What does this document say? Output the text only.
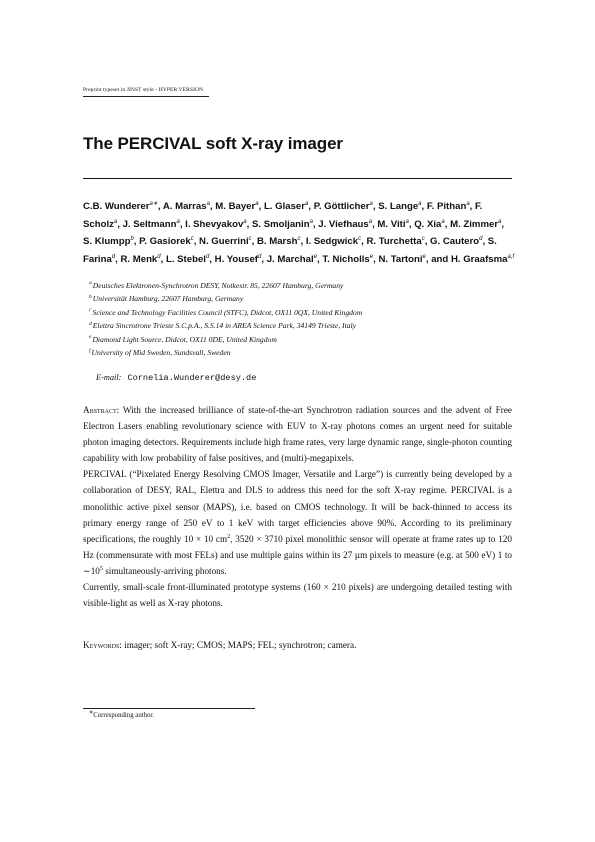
Preprint typeset in JINST style - HYPER VERSION
The PERCIVAL soft X-ray imager

C.B. Wunderer$^{a∗}$, A. Marras$^a$, M. Bayer$^a$, L. Glaser$^a$, P. Göttlicher$^a$, S. Lange$^a$, F. Pithan$^a$, F. Scholz$^a$, J. Seltmann$^a$, I. Shevyakov$^a$, S. Smoljanin$^a$, J. Viefhaus$^a$, M. Viti$^a$, Q. Xia$^a$, M. Zimmer$^a$, S. Klumpp$^b$, P. Gasiorek$^c$, N. Guerrini$^c$, B. Marsh$^c$, I. Sedgwick$^c$, R. Turchetta$^c$, G. Cautero$^d$, S. Farina$^d$, R. Menk$^d$, L. Stebel$^d$, H. Yousef$^d$, J. Marchal$^e$, T. Nicholls$^e$, N. Tartoni$^e$, and H. Graafsma$^{a,f}$

$^a$Deutsches Elektronen-Synchrotron DESY, Notkestr. 85, 22607 Hamburg, Germany
$^b$Universität Hamburg, 22607 Hamburg, Germany
$^c$Science and Technology Facilities Council (STFC), Didcot, OX11 0QX, United Kingdom
$^d$Elettra Sincrotrone Trieste S.C.p.A., S.S.14 in AREA Science Park, 34149 Trieste, Italy
$^e$Diamond Light Source, Didcot, OX11 0DE, United Kingdom
$^f$University of Mid Sweden, Sundsvall, Sweden
E-mail: Cornelia.Wunderer@desy.de

Abstract: With the increased brilliance of state-of-the-art Synchrotron radiation sources and the advent of Free Electron Lasers enabling revolutionary science with EUV to X-ray photons comes an urgent need for suitable photon imaging detectors. Requirements include high frame rates, very large dynamic range, single-photon counting capability with low probability of false positives, and (multi)-megapixels.

PERCIVAL (“Pixelated Energy Resolving CMOS Imager, Versatile and Large”) is currently being developed by a collaboration of DESY, RAL, Elettra and DLS to address this need for the soft X-ray regime. PERCIVAL is a monolithic active pixel sensor (MAPS), i.e. based on CMOS technology. It will be back-thinned to access its primary energy range of 250 eV to 1 keV with target efficiencies above 90%. According to its preliminary specifications, the roughly 10 × 10 $cm^2$, 3520 × 3710 pixel monolithic sensor will operate at frame rates up to 120 Hz (commensurate with most FELs) and use multiple gains within its 27 µm pixels to measure (e.g. at 500 eV) 1 to $\sim 10^5$ simultaneously-arriving photons.

Currently, small-scale front-illuminated prototype systems (160 × 210 pixels) are undergoing detailed testing with visible-light as well as X-ray photons.

Keywords: imager; soft X-ray; CMOS; MAPS; FEL; synchrotron; camera.

∗Corresponding author.
